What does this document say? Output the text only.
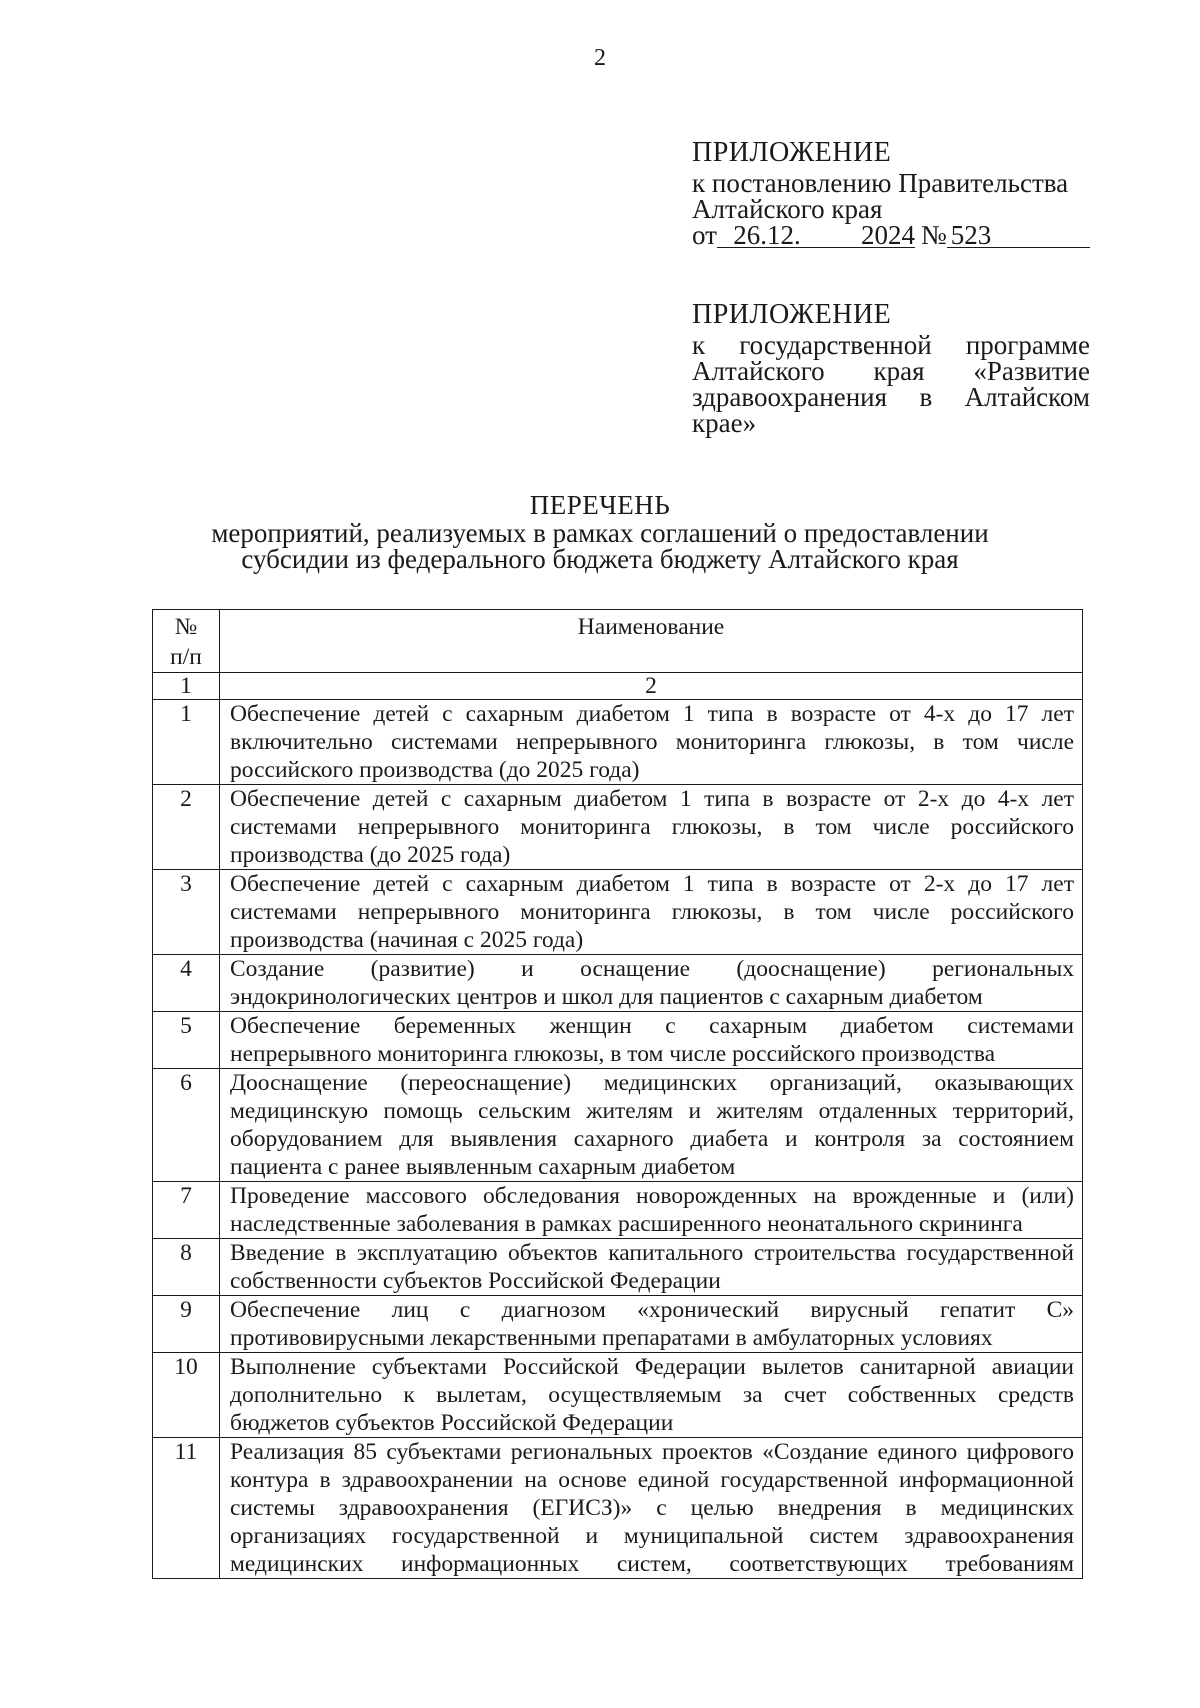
2
ПРИЛОЖЕНИЕ
к постановлению Правительства
Алтайского края
от 26.12.	2024 № 523
ПРИЛОЖЕНИЕ
к государственной программе
Алтайского края «Развитие
здравоохранения в Алтайском
крае»
ПЕРЕЧЕНЬ
мероприятий, реализуемых в рамках соглашений о предоставлении
субсидии из федерального бюджета бюджету Алтайского края
№
п/п	Наименование
1	2
1	Обеспечение детей с сахарным диабетом 1 типа в возрасте от 4-х до 17 лет
включительно системами непрерывного мониторинга глюкозы, в том числе
российского производства (до 2025 года)

2	Обеспечение детей с сахарным диабетом 1 типа в возрасте от 2-х до 4-х лет
системами непрерывного мониторинга глюкозы, в том числе российского
производства (до 2025 года)

3	Обеспечение детей с сахарным диабетом 1 типа в возрасте от 2-х до 17 лет
системами непрерывного мониторинга глюкозы, в том числе российского
производства (начиная с 2025 года)

4	Создание (развитие) и оснащение (дооснащение) региональных
эндокринологических центров и школ для пациентов с сахарным диабетом

5	Обеспечение беременных женщин с сахарным диабетом системами
непрерывного мониторинга глюкозы, в том числе российского производства

6	Дооснащение (переоснащение) медицинских организаций, оказывающих
медицинскую помощь сельским жителям и жителям отдаленных территорий,
оборудованием для выявления сахарного диабета и контроля за состоянием
пациента с ранее выявленным сахарным диабетом

7	Проведение массового обследования новорожденных на врожденные и (или)
наследственные заболевания в рамках расширенного неонатального скрининга

8	Введение в эксплуатацию объектов капитального строительства государственной
собственности субъектов Российской Федерации

9	Обеспечение лиц с диагнозом «хронический вирусный гепатит С»
противовирусными лекарственными препаратами в амбулаторных условиях

10	Выполнение субъектами Российской Федерации вылетов санитарной авиации
дополнительно к вылетам, осуществляемым за счет собственных средств
бюджетов субъектов Российской Федерации

11	Реализация 85 субъектами региональных проектов «Создание единого цифрового
контура в здравоохранении на основе единой государственной информационной
системы здравоохранения (ЕГИСЗ)» с целью внедрения в медицинских
организациях государственной и муниципальной систем здравоохранения
медицинских информационных систем, соответствующих требованиям
